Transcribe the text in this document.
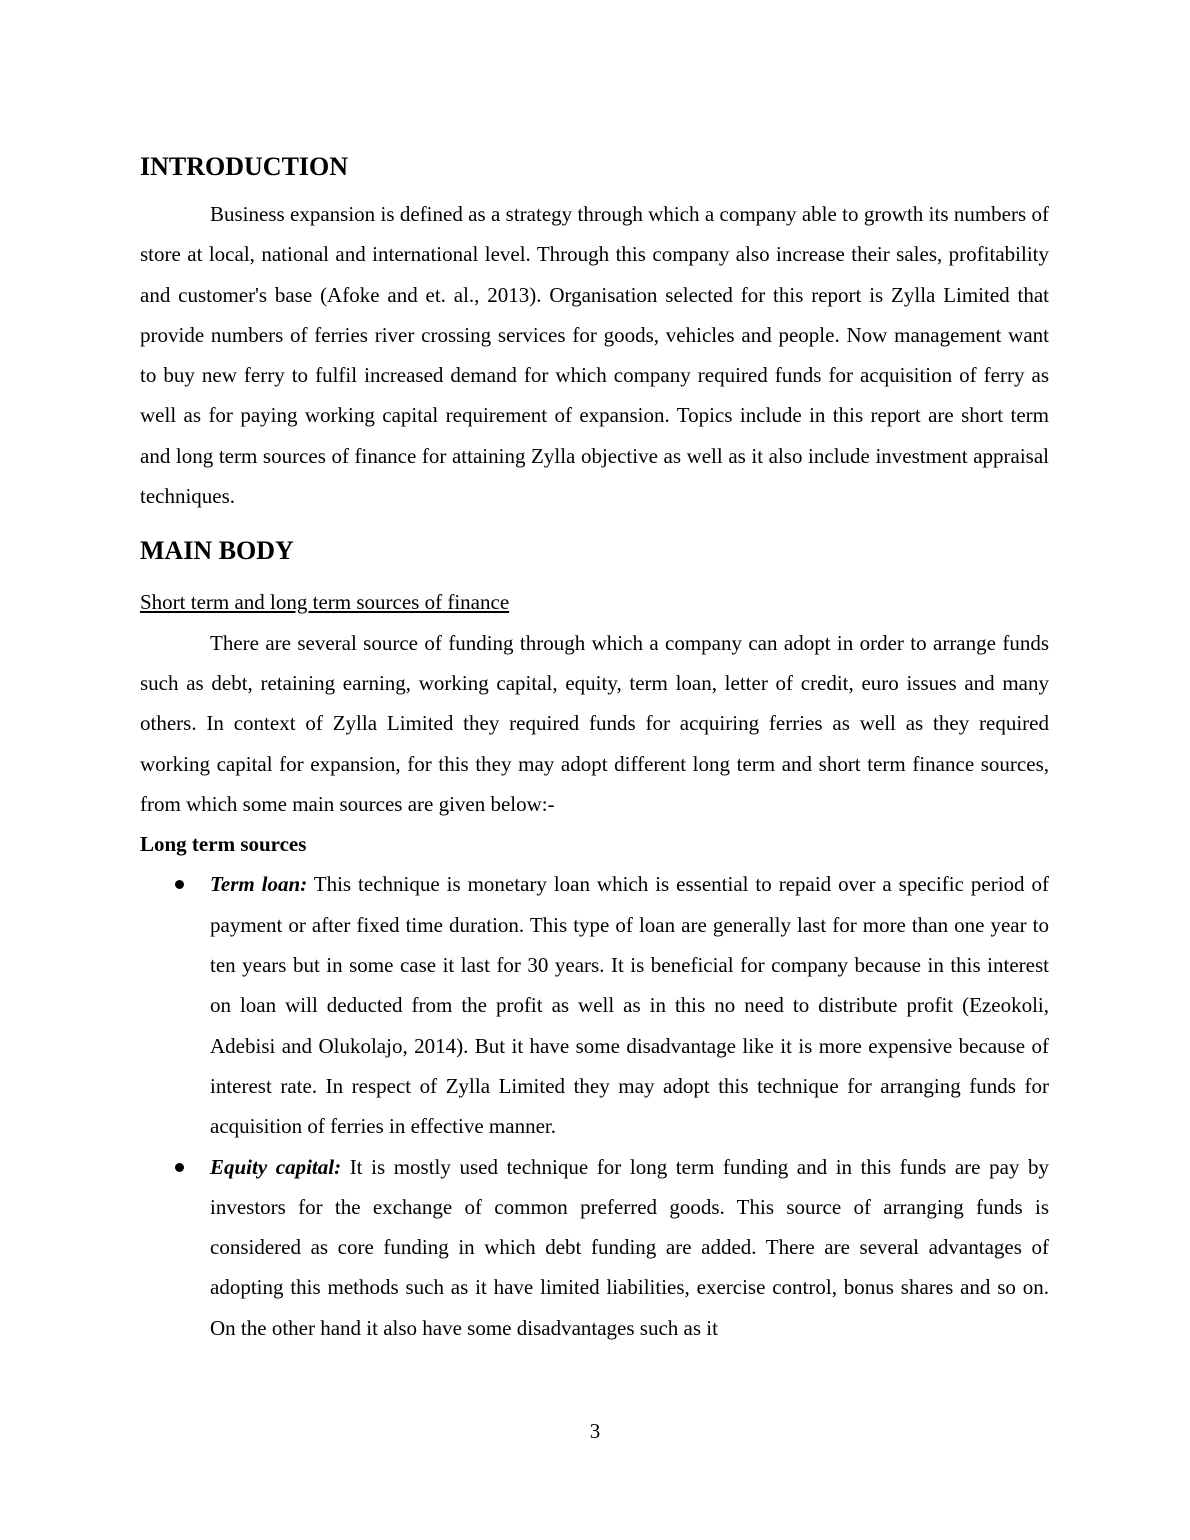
INTRODUCTION

Business expansion is defined as a strategy through which a company able to growth its numbers of store at local, national and international level. Through this company also increase their sales, profitability and customer's base (Afoke and et. al., 2013). Organisation selected for this report is Zylla Limited that provide numbers of ferries river crossing services for goods, vehicles and people. Now management want to buy new ferry to fulfil increased demand for which company required funds for acquisition of ferry as well as for paying working capital requirement of expansion. Topics include in this report are short term and long term sources of finance for attaining Zylla objective as well as it also include investment appraisal techniques.

MAIN BODY

Short term and long term sources of finance

There are several source of funding through which a company can adopt in order to arrange funds such as debt, retaining earning, working capital, equity, term loan, letter of credit, euro issues and many others. In context of Zylla Limited they required funds for acquiring ferries as well as they required working capital for expansion, for this they may adopt different long term and short term finance sources, from which some main sources are given below:-

Long term sources

Term loan: This technique is monetary loan which is essential to repaid over a specific period of payment or after fixed time duration. This type of loan are generally last for more than one year to ten years but in some case it last for 30 years. It is beneficial for company because in this interest on loan will deducted from the profit as well as in this no need to distribute profit (Ezeokoli, Adebisi and Olukolajo, 2014). But it have some disadvantage like it is more expensive because of interest rate. In respect of Zylla Limited they may adopt this technique for arranging funds for acquisition of ferries in effective manner.
Equity capital: It is mostly used technique for long term funding and in this funds are pay by investors for the exchange of common preferred goods. This source of arranging funds is considered as core funding in which debt funding are added. There are several advantages of adopting this methods such as it have limited liabilities, exercise control, bonus shares and so on. On the other hand it also have some disadvantages such as it
3
